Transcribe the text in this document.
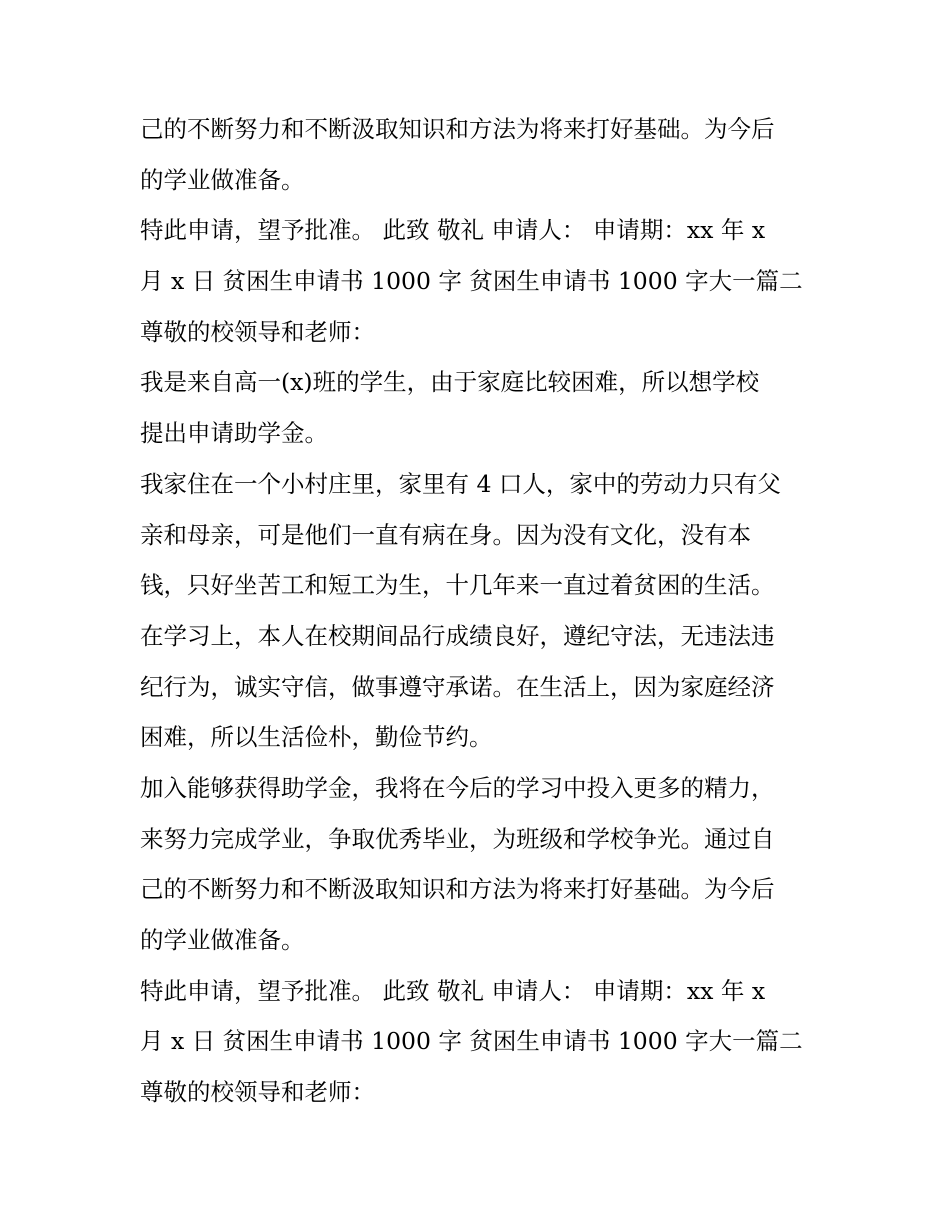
己的不断努力和不断汲取知识和方法为将来打好基础。为今后
的学业做准备。
特此申请，望予批准。 此致 敬礼 申请人： 申请期：xx 年 x
月 x 日 贫困生申请书 1000 字 贫困生申请书 1000 字大一篇二
尊敬的校领导和老师：
我是来自高一(x)班的学生，由于家庭比较困难，所以想学校
提出申请助学金。
我家住在一个小村庄里，家里有 4 口人，家中的劳动力只有父
亲和母亲，可是他们一直有病在身。因为没有文化，没有本
钱，只好坐苦工和短工为生，十几年来一直过着贫困的生活。
在学习上，本人在校期间品行成绩良好，遵纪守法，无违法违
纪行为，诚实守信，做事遵守承诺。在生活上，因为家庭经济
困难，所以生活俭朴，勤俭节约。
加入能够获得助学金，我将在今后的学习中投入更多的精力，
来努力完成学业，争取优秀毕业，为班级和学校争光。通过自
己的不断努力和不断汲取知识和方法为将来打好基础。为今后
的学业做准备。
特此申请，望予批准。 此致 敬礼 申请人： 申请期：xx 年 x
月 x 日 贫困生申请书 1000 字 贫困生申请书 1000 字大一篇二
尊敬的校领导和老师：
